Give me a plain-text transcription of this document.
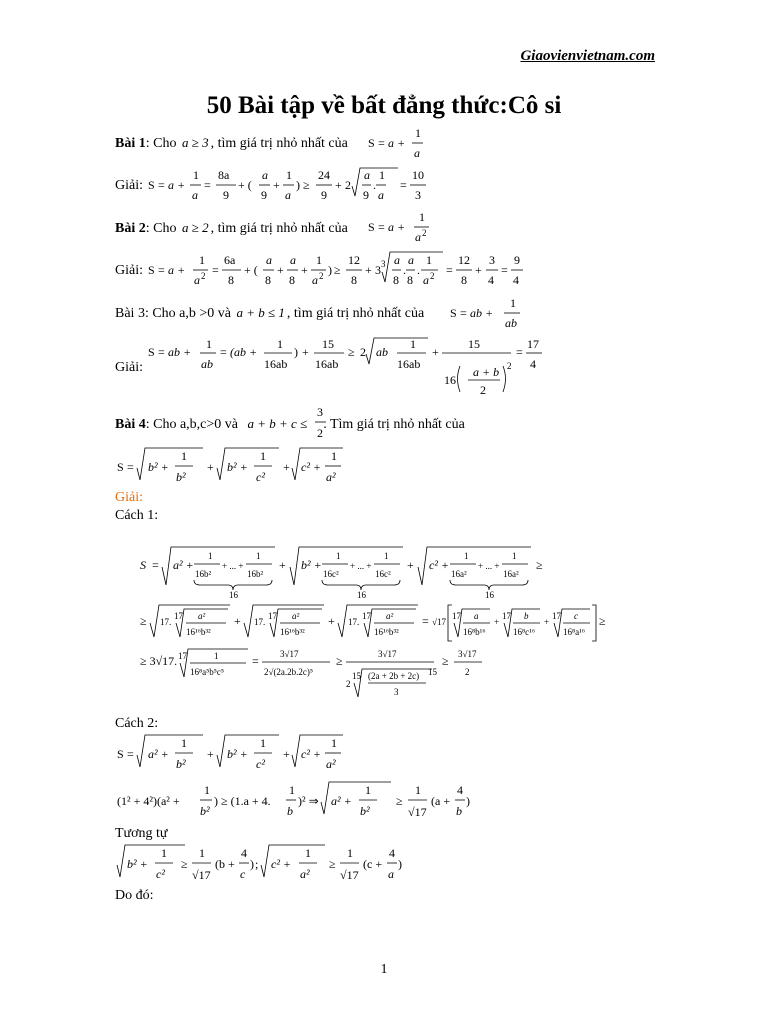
Giaovienvietnam.com
50 Bài tập về bất đẳng thức:Cô si
Bài 1: Cho a ≥ 3 , tìm giá trị nhỏ nhất của S = a +
1
a
Giải: S = a +
1
a
=
8a
9
+ (
a
9
+
1
a
) ≥
24
9
+ 2
a
9
.
1
a
=
10
3
Bài 2: Cho a ≥ 2 , tìm giá trị nhỏ nhất của S = a +
1
a 2
Giải: S = a +
1
a 2 =
6a
8
+ (
a
8
+
a
8
+
1
a 2 ) ≥
12
8
+ 3 3 a
8
.
a
8
.
1
a 2 =
12
8
+
3
4
=
9
4
Bài 3: Cho a,b >0 và a + b ≤ 1 , tìm giá trị nhỏ nhất của S = ab +
1
ab
Giải:
S = ab +
1
ab
= (ab +
1
16ab
) +
15
16ab
≥ 2 ab
1
16ab
+
15
16
a + b
2
2
=
17
4
Bài 4: Cho a,b,c>0 và a + b + c ≤ . Tìm giá trị nhỏ nhất của
3
2
S = b² +
1
b²
+ b² +
1
c²
+ c² +
1
a²
Giải:
Cách 1:
S = a² +
1
16b²
+ ... +
1
16b²
16
+ b² +
1
16c²
+ ... +
1
16c²
16
+ c² +
1
16a²
+ ... +
1
16a²
16
≥
≥ 17.
17 a²
16¹⁶b³²
+ 17.
17 a²
16¹⁶b³²
+ 17.
17 a²
16¹⁶b³²
= √17
17 a
16⁸b¹⁶
+
17 b
16⁸c¹⁶
+
17 c
16⁸a¹⁶
≥
≥ 3√17. 17	1
16⁸a⁵b⁵c⁵
= 3√17
2√(2a.2b.2c)⁵
≥	3√17
2
15 (2a + 2b + 2c)
3
15
≥ 3√17
2
Cách 2:
S = a² +
1
b²
+ b² +
1
c²
+ c² +
1
a²
(1² + 4²)(a² +
1
b²
) ≥ (1.a + 4.
1
b
)² ⇒ a² +
1
b²
≥
1
√17
(a +
4
b
)
Tương tự
b² +
1
c²
≥
1
√17
(b +
4
c
) ; c² +
1
a²
≥
1
√17
(c +
4
a
)
Do đó:
1
